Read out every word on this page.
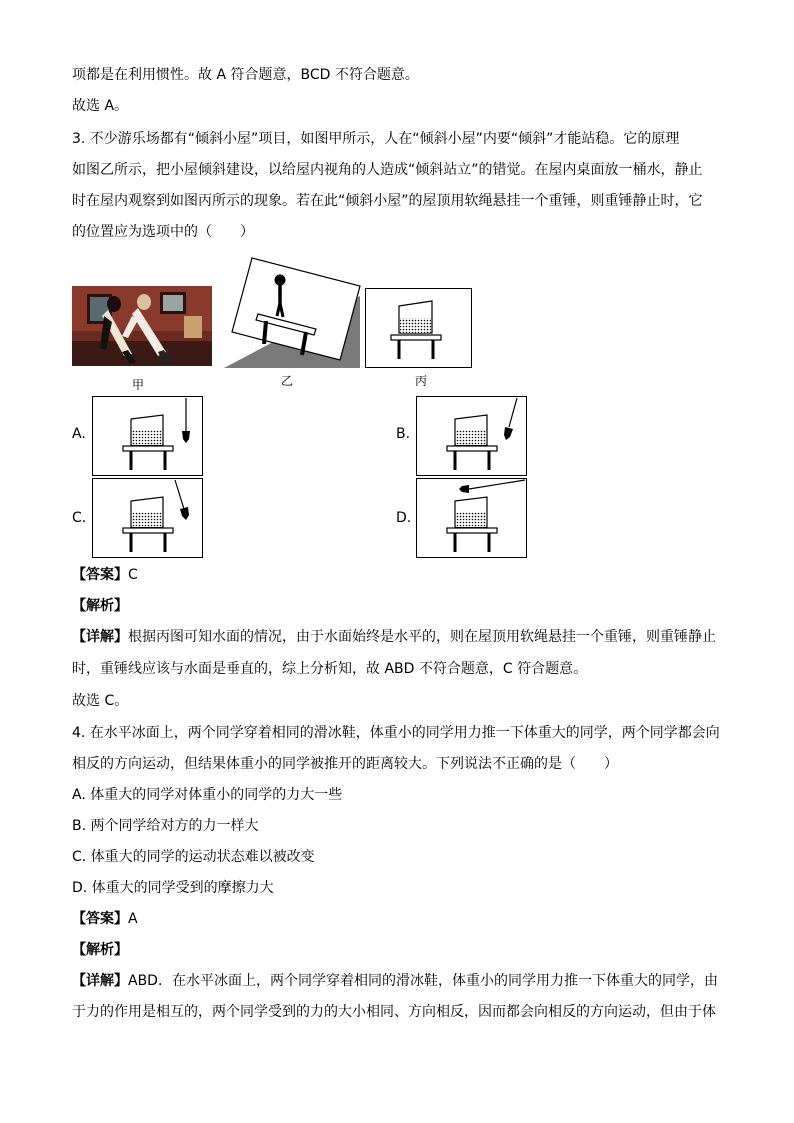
项都是在利用惯性。故 A 符合题意，BCD 不符合题意。
故选 A。
3. 不少游乐场都有“倾斜小屋”项目，如图甲所示，人在“倾斜小屋”内要“倾斜”才能站稳。它的原理
如图乙所示，把小屋倾斜建设，以给屋内视角的人造成“倾斜站立”的错觉。在屋内桌面放一桶水，静止
时在屋内观察到如图丙所示的现象。若在此“倾斜小屋”的屋顶用软绳悬挂一个重锤，则重锤静止时，它
的位置应为选项中的（　　）
甲	乙	丙
A.	B.
C.	D.
【答案】C
【解析】
【详解】根据丙图可知水面的情况，由于水面始终是水平的，则在屋顶用软绳悬挂一个重锤，则重锤静止
时，重锤线应该与水面是垂直的，综上分析知，故 ABD 不符合题意，C 符合题意。
故选 C。
4. 在水平冰面上，两个同学穿着相同的滑冰鞋，体重小的同学用力推一下体重大的同学，两个同学都会向
相反的方向运动，但结果体重小的同学被推开的距离较大。下列说法不正确的是（　　）
A. 体重大的同学对体重小的同学的力大一些
B. 两个同学给对方的力一样大
C. 体重大的同学的运动状态难以被改变
D. 体重大的同学受到的摩擦力大
【答案】A
【解析】
【详解】ABD．在水平冰面上，两个同学穿着相同的滑冰鞋，体重小的同学用力推一下体重大的同学，由
于力的作用是相互的，两个同学受到的力的大小相同、方向相反，因而都会向相反的方向运动，但由于体
